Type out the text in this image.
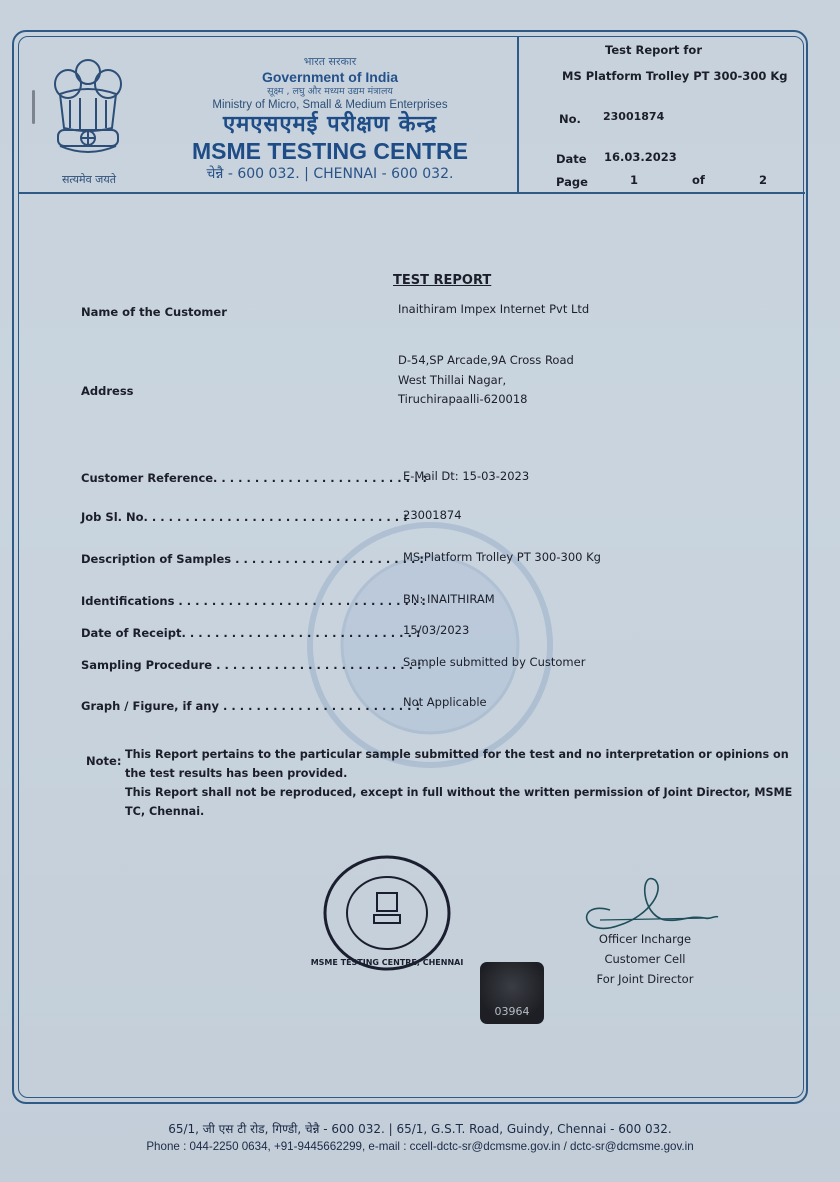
सत्यमेव जयते
भारत सरकार
Government of India
सूक्ष्म , लघु और मध्यम उद्यम मंत्रालय
Ministry of Micro, Small & Medium Enterprises
एमएसएमई परीक्षण केन्द्र
MSME TESTING CENTRE
चेन्नै - 600 032. | CHENNAI - 600 032.
Test Report for
MS Platform Trolley PT 300-300 Kg
No. 23001874
Date 16.03.2023
Page	1	of	2
TEST REPORT
Name of the Customer	Inaithiram Impex Internet Pvt Ltd
Address
D-54,SP Arcade,9A Cross Road
West Thillai Nagar,
Tiruchirapaalli-620018
Customer Reference. . . . . . . . . . . . . . . . . . . . . . . . . :
E-Mail Dt: 15-03-2023
Job Sl. No. . . . . . . . . . . . . . . . . . . . . . . . . . . . . . . :
23001874
Description of Samples . . . . . . . . . . . . . . . . . . . . . . :
MS Platform Trolley PT 300-300 Kg
Identifications . . . . . . . . . . . . . . . . . . . . . . . . . . . . . :
BN: INAITHIRAM
Date of Receipt. . . . . . . . . . . . . . . . . . . . . . . . . . . . :
15/03/2023
Sampling Procedure . . . . . . . . . . . . . . . . . . . . . . . . :
Sample submitted by Customer
Graph / Figure, if any . . . . . . . . . . . . . . . . . . . . . . . :
Not Applicable
Note: This Report pertains to the particular sample submitted for the test and no interpretation or opinions on the test results has been provided.

This Report shall not be reproduced, except in full without the written permission of Joint Director, MSME TC, Chennai.

MSME TESTING CENTRE, CHENNAI
03964
Officer Incharge
Customer Cell
For Joint Director
65/1, जी एस टी रोड, गिण्डी, चेन्नै - 600 032. | 65/1, G.S.T. Road, Guindy, Chennai - 600 032.
Phone : 044-2250 0634, +91-9445662299, e-mail : ccell-dctc-sr@dcmsme.gov.in / dctc-sr@dcmsme.gov.in
